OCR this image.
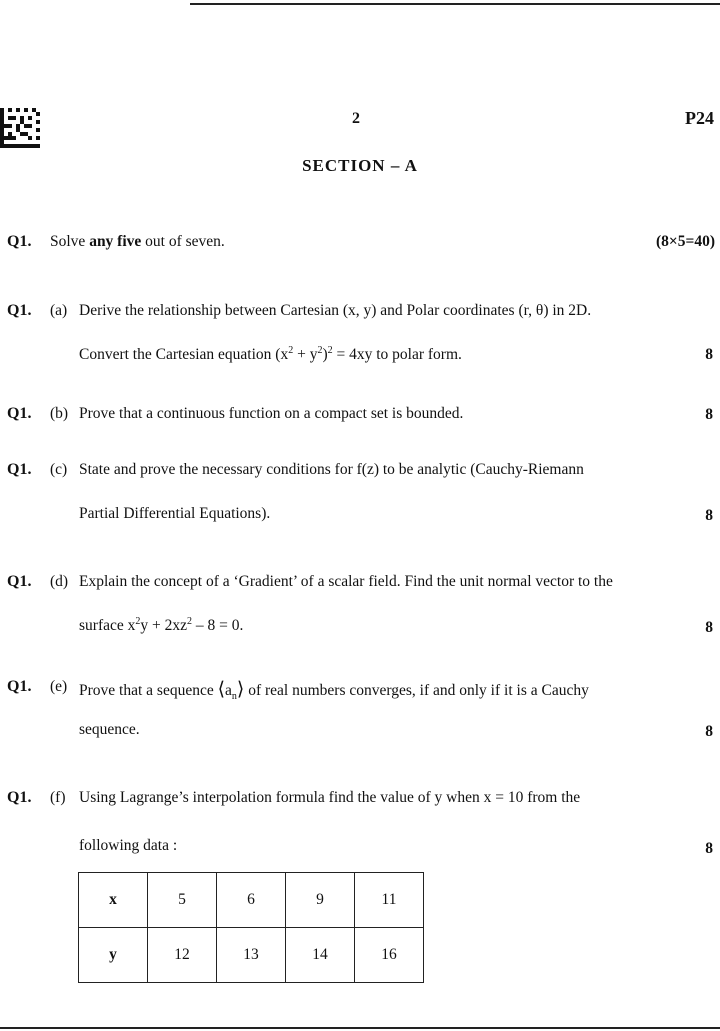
2	P24
SECTION – A
Q1. Solve any five out of seven.	(8×5=40)
Q1. (a) Derive the relationship between Cartesian (x, y) and Polar coordinates (r, θ) in 2D.
Convert the Cartesian equation $(x^2 + y^2)^2 = 4xy$ to polar form.	8
Q1. (b) Prove that a continuous function on a compact set is bounded.	8
Q1. (c) State and prove the necessary conditions for f(z) to be analytic (Cauchy-Riemann
Partial Differential Equations).	8
Q1. (d) Explain the concept of a ‘Gradient’ of a scalar field. Find the unit normal vector to the
surface $x^2y + 2xz^2 - 8 = 0$.	8
Q1. (e) Prove that a sequence $⟨a_n⟩$ of real numbers converges, if and only if it is a Cauchy
sequence.	8
Q1. (f) Using Lagrange’s interpolation formula find the value of y when x = 10 from the
following data :	8
x	5	6	9	11
y	12	13	14	16
